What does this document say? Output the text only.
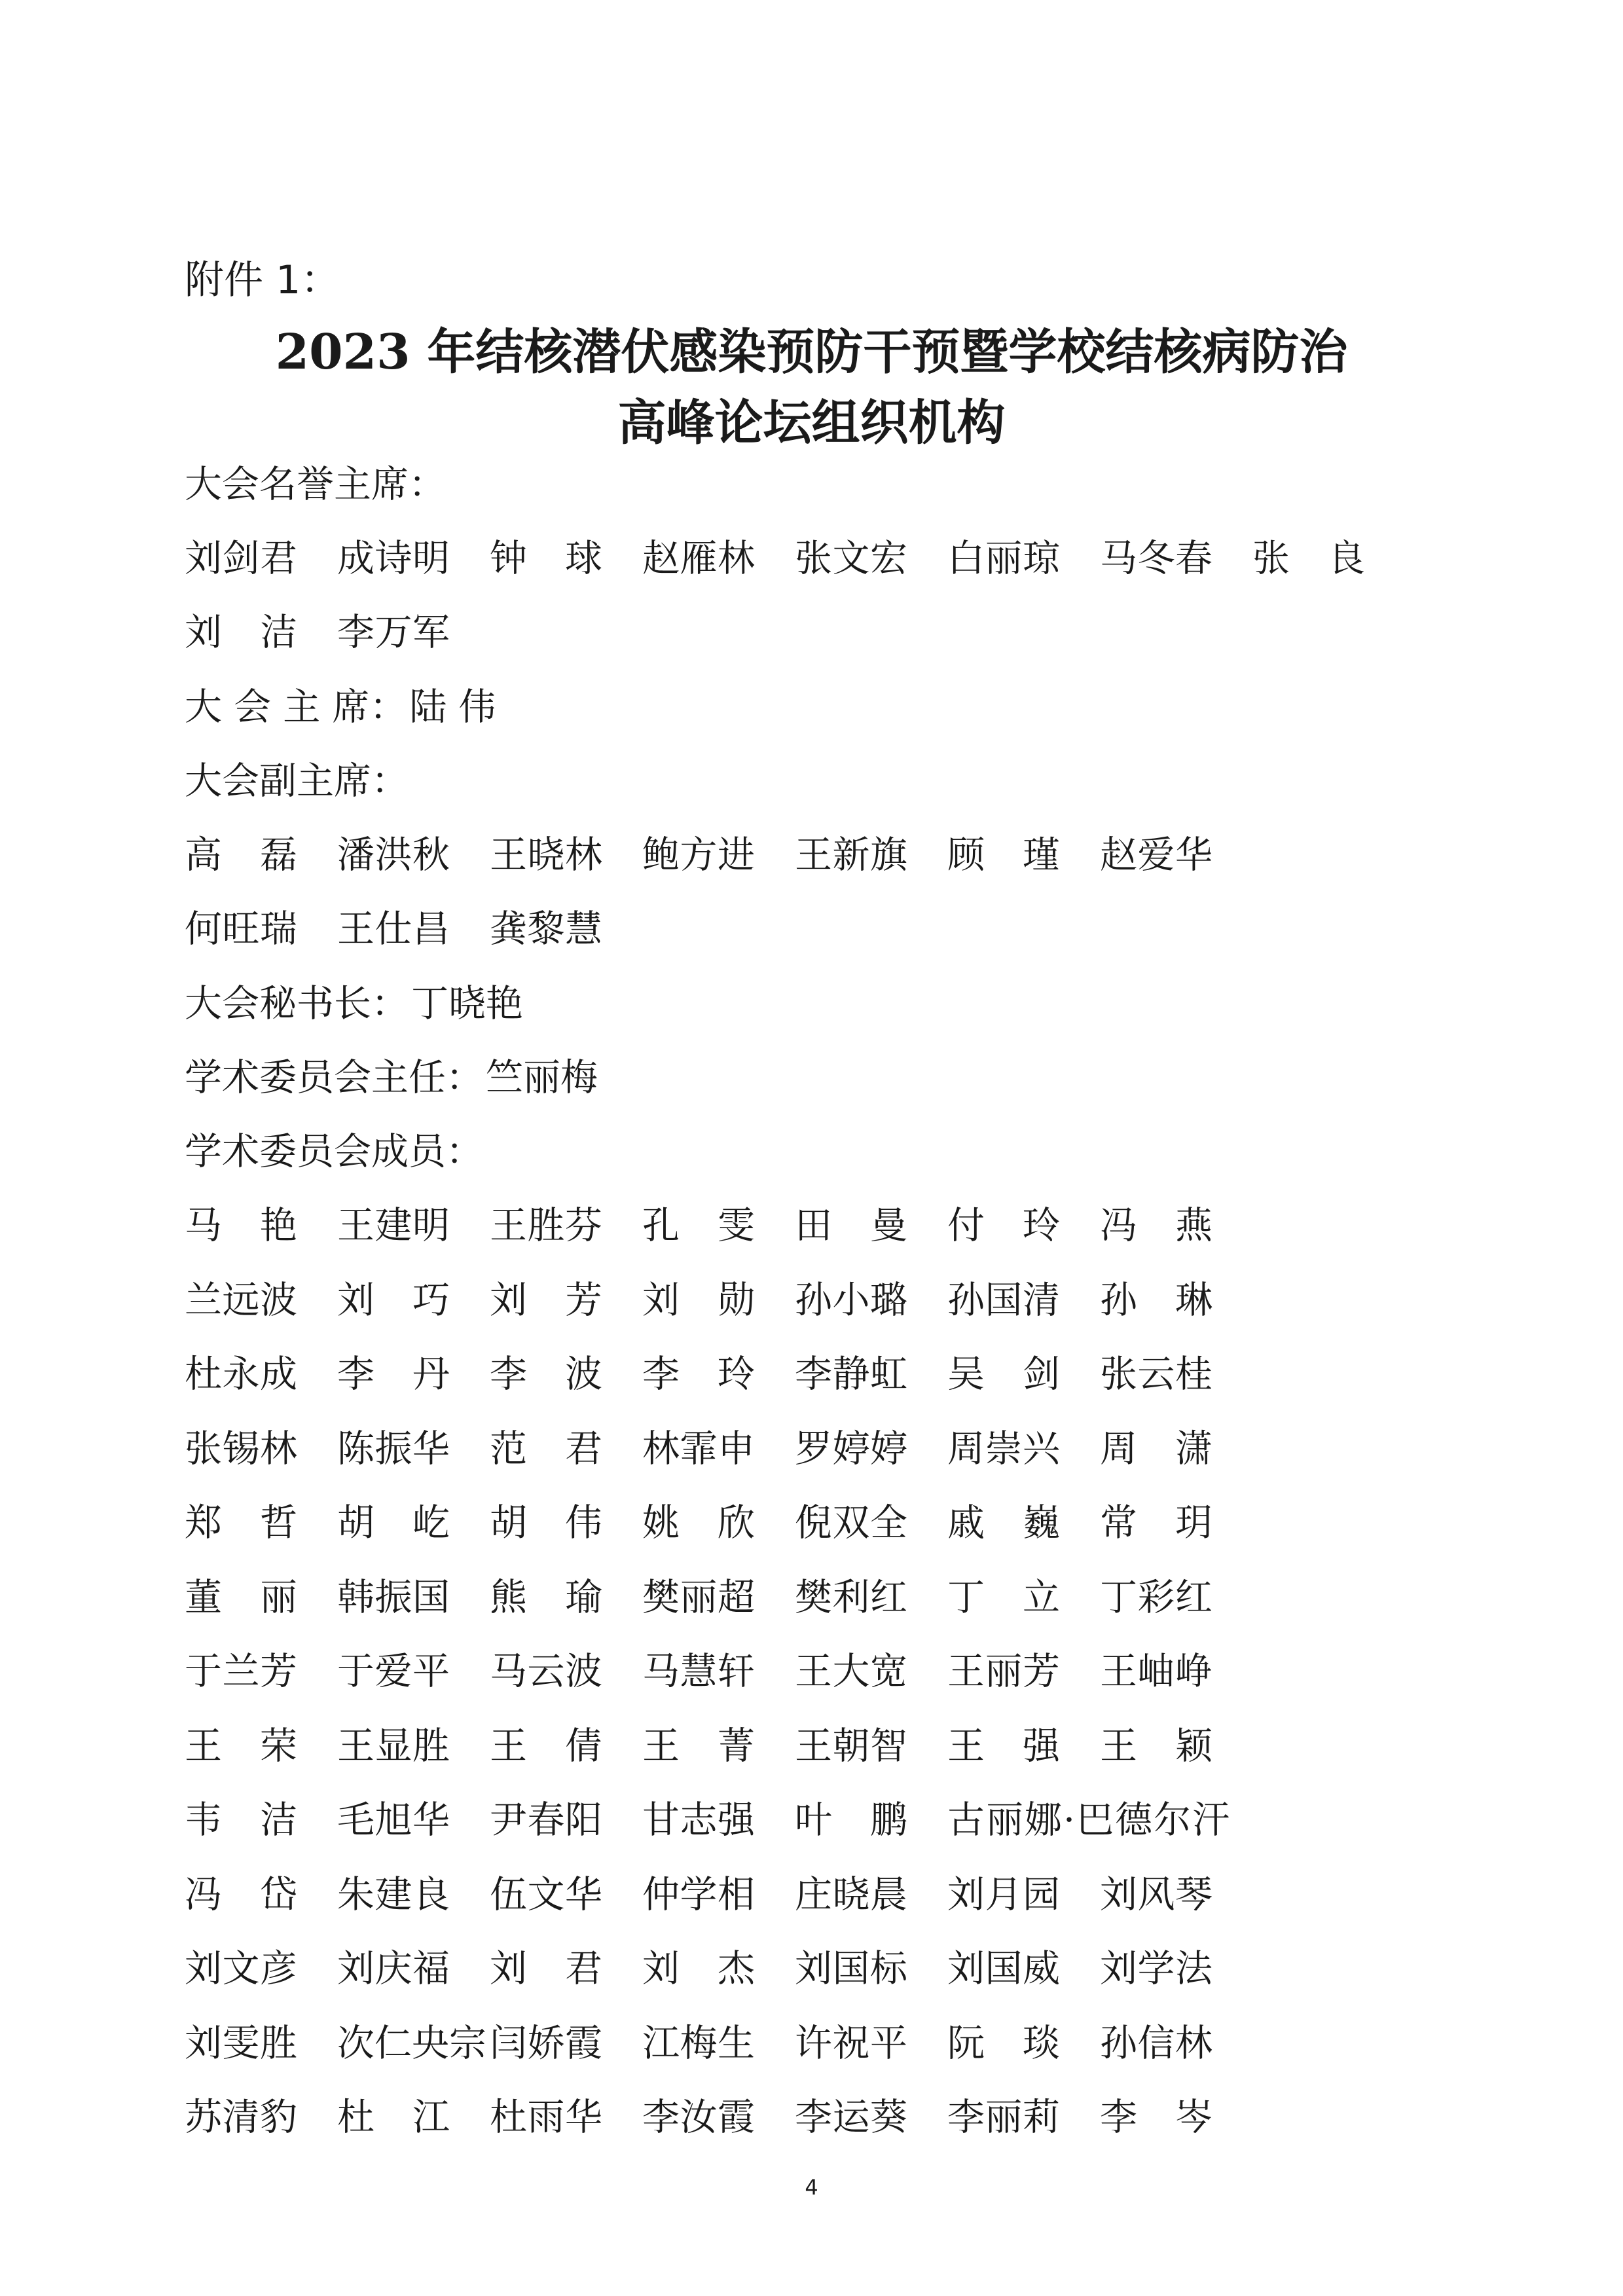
附件 1：
2023 年结核潜伏感染预防干预暨学校结核病防治
高峰论坛组织机构
大会名誉主席：
刘 剑 君 成 诗 明 钟 球 赵 雁 林 张 文 宏 白 丽 琼 马 冬 春 张 良
刘 洁 李 万 军
大 会 主 席：陆 伟
大会副主席：
高 磊 潘 洪 秋 王 晓 林 鲍 方 进 王 新 旗 顾 瑾 赵 爱 华
何 旺 瑞 王 仕 昌 龚 黎 慧
大会秘书长：丁晓艳
学术委员会主任：竺丽梅
学术委员会成员：
马 艳 王 建 明 王 胜 芬 孔 雯 田 曼 付 玲 冯 燕
兰 远 波 刘 巧 刘 芳 刘 勋 孙 小 璐 孙 国 清 孙 琳
杜 永 成 李 丹 李 波 李 玲 李 静 虹 吴 剑 张 云 桂
张 锡 林 陈 振 华 范 君 林 霏 申 罗 婷 婷 周 崇 兴 周 潇
郑 哲 胡 屹 胡 伟 姚 欣 倪 双 全 戚 巍 常 玥
董 丽 韩 振 国 熊 瑜 樊 丽 超 樊 利 红 丁 立 丁 彩 红
于 兰 芳 于 爱 平 马 云 波 马 慧 轩 王 大 宽 王 丽 芳 王 岫 峥
王 荣 王 显 胜 王 倩 王 菁 王 朝 智 王 强 王 颖
韦 洁 毛 旭 华 尹 春 阳 甘 志 强 叶 鹏 古丽娜·巴德尔汗
冯 岱 朱 建 良 伍 文 华 仲 学 相 庄 晓 晨 刘 月 园 刘 风 琴
刘 文 彦 刘 庆 福 刘 君 刘 杰 刘 国 标 刘 国 威 刘 学 法
刘 雯 胜 次仁央宗 闫 娇 霞 江 梅 生 许 祝 平 阮 琰 孙 信 林
苏 清 豹 杜 江 杜 雨 华 李 汝 霞 李 运 葵 李 丽 莉 李 岑
4
